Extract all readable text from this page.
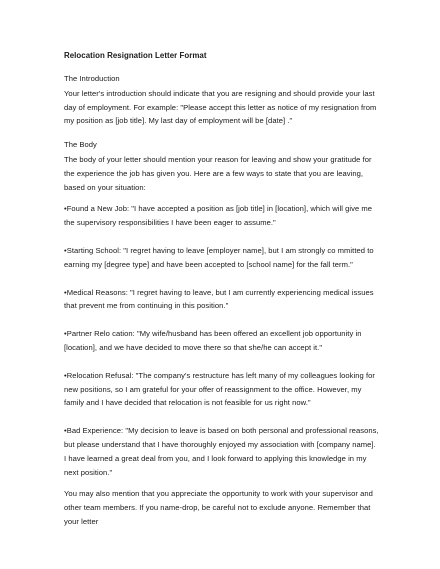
Relocation Resignation Letter Format
The Introduction
Your letter's introduction should indicate that you are resigning and should provide your last day of employment. For example: "Please accept this letter as notice of my resignation from my position as [job title]. My last day of employment will be [date] ."
The Body
The body of your letter should mention your reason for leaving and show your gratitude for the experience the job has given you. Here are a few ways to state that you are leaving, based on your situation:
•Found a New Job: "I have accepted a position as [job title] in [location], which will give me the supervisory responsibilities I have been eager to assume."
•Starting School: "I regret having to leave [employer name], but I am strongly co mmitted to earning my [degree type] and have been accepted to [school name] for the fall term."
•Medical Reasons: "I regret having to leave, but I am currently experiencing medical issues that prevent me from continuing in this position."
•Partner Relo cation: "My wife/husband has been offered an excellent job opportunity in [location], and we have decided to move there so that she/he can accept it."
•Relocation Refusal: "The company's restructure has left many of my colleagues looking for new positions, so I am grateful for your offer of reassignment to the office. However, my family and I have decided that relocation is not feasible for us right now."
•Bad Experience: "My decision to leave is based on both personal and professional reasons, but please understand that I have thoroughly enjoyed my association with [company name]. I have learned a great deal from you, and I look forward to applying this knowledge in my next position."
You may also mention that you appreciate the opportunity to work with your supervisor and other team members. If you name-drop, be careful not to exclude anyone. Remember that your letter
